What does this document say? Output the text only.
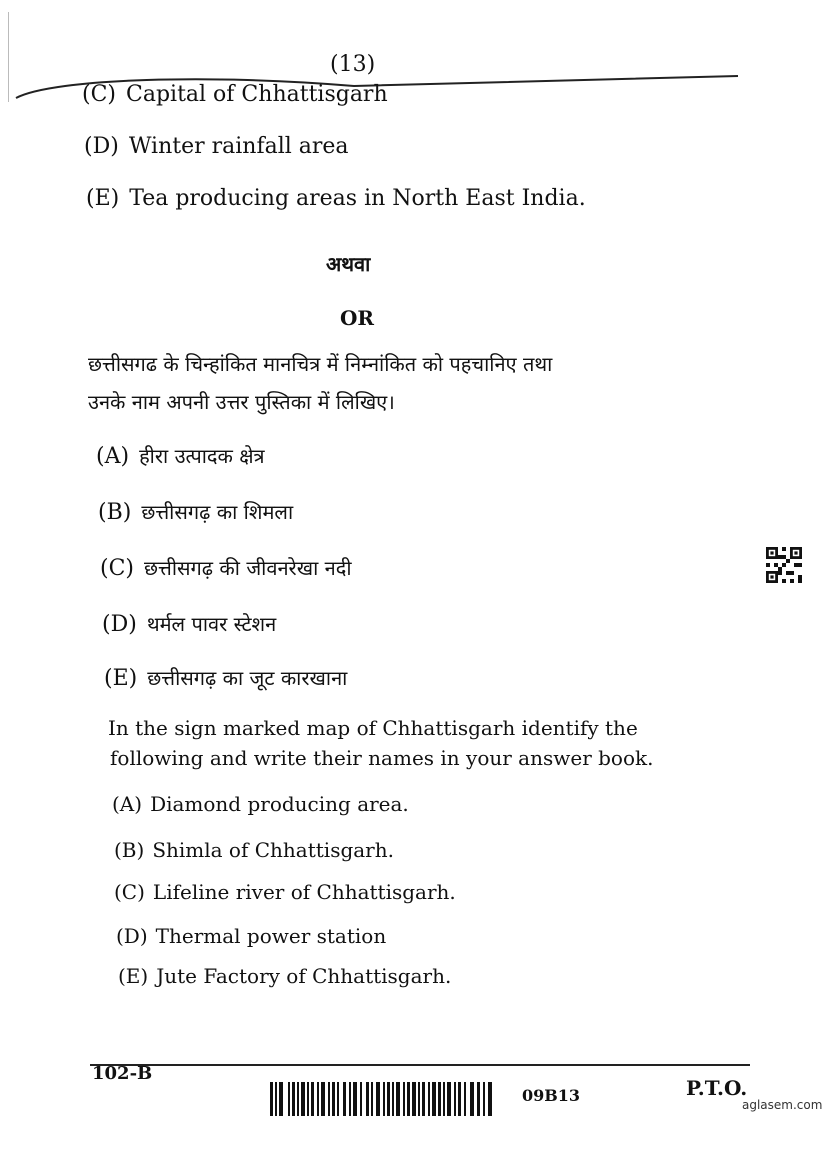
(13)
(C) Capital of Chhattisgarh
(D) Winter rainfall area
(E) Tea producing areas in North East India.
अथवा
OR
छत्तीसगढ के चिन्हांकित मानचित्र में निम्नांकित को पहचानिए तथा
उनके नाम अपनी उत्तर पुस्तिका में लिखिए।
(A) हीरा उत्पादक क्षेत्र
(B) छत्तीसगढ़ का शिमला
(C) छत्तीसगढ़ की जीवनरेखा नदी
(D) थर्मल पावर स्टेशन
(E) छत्तीसगढ़ का जूट कारखाना
In the sign marked map of Chhattisgarh identify the
following and write their names in your answer book.
(A) Diamond producing area.
(B) Shimla of Chhattisgarh.
(C) Lifeline river of Chhattisgarh.
(D) Thermal power station
(E) Jute Factory of Chhattisgarh.
102-B
09B13	P.T.O.
aglasem.com
